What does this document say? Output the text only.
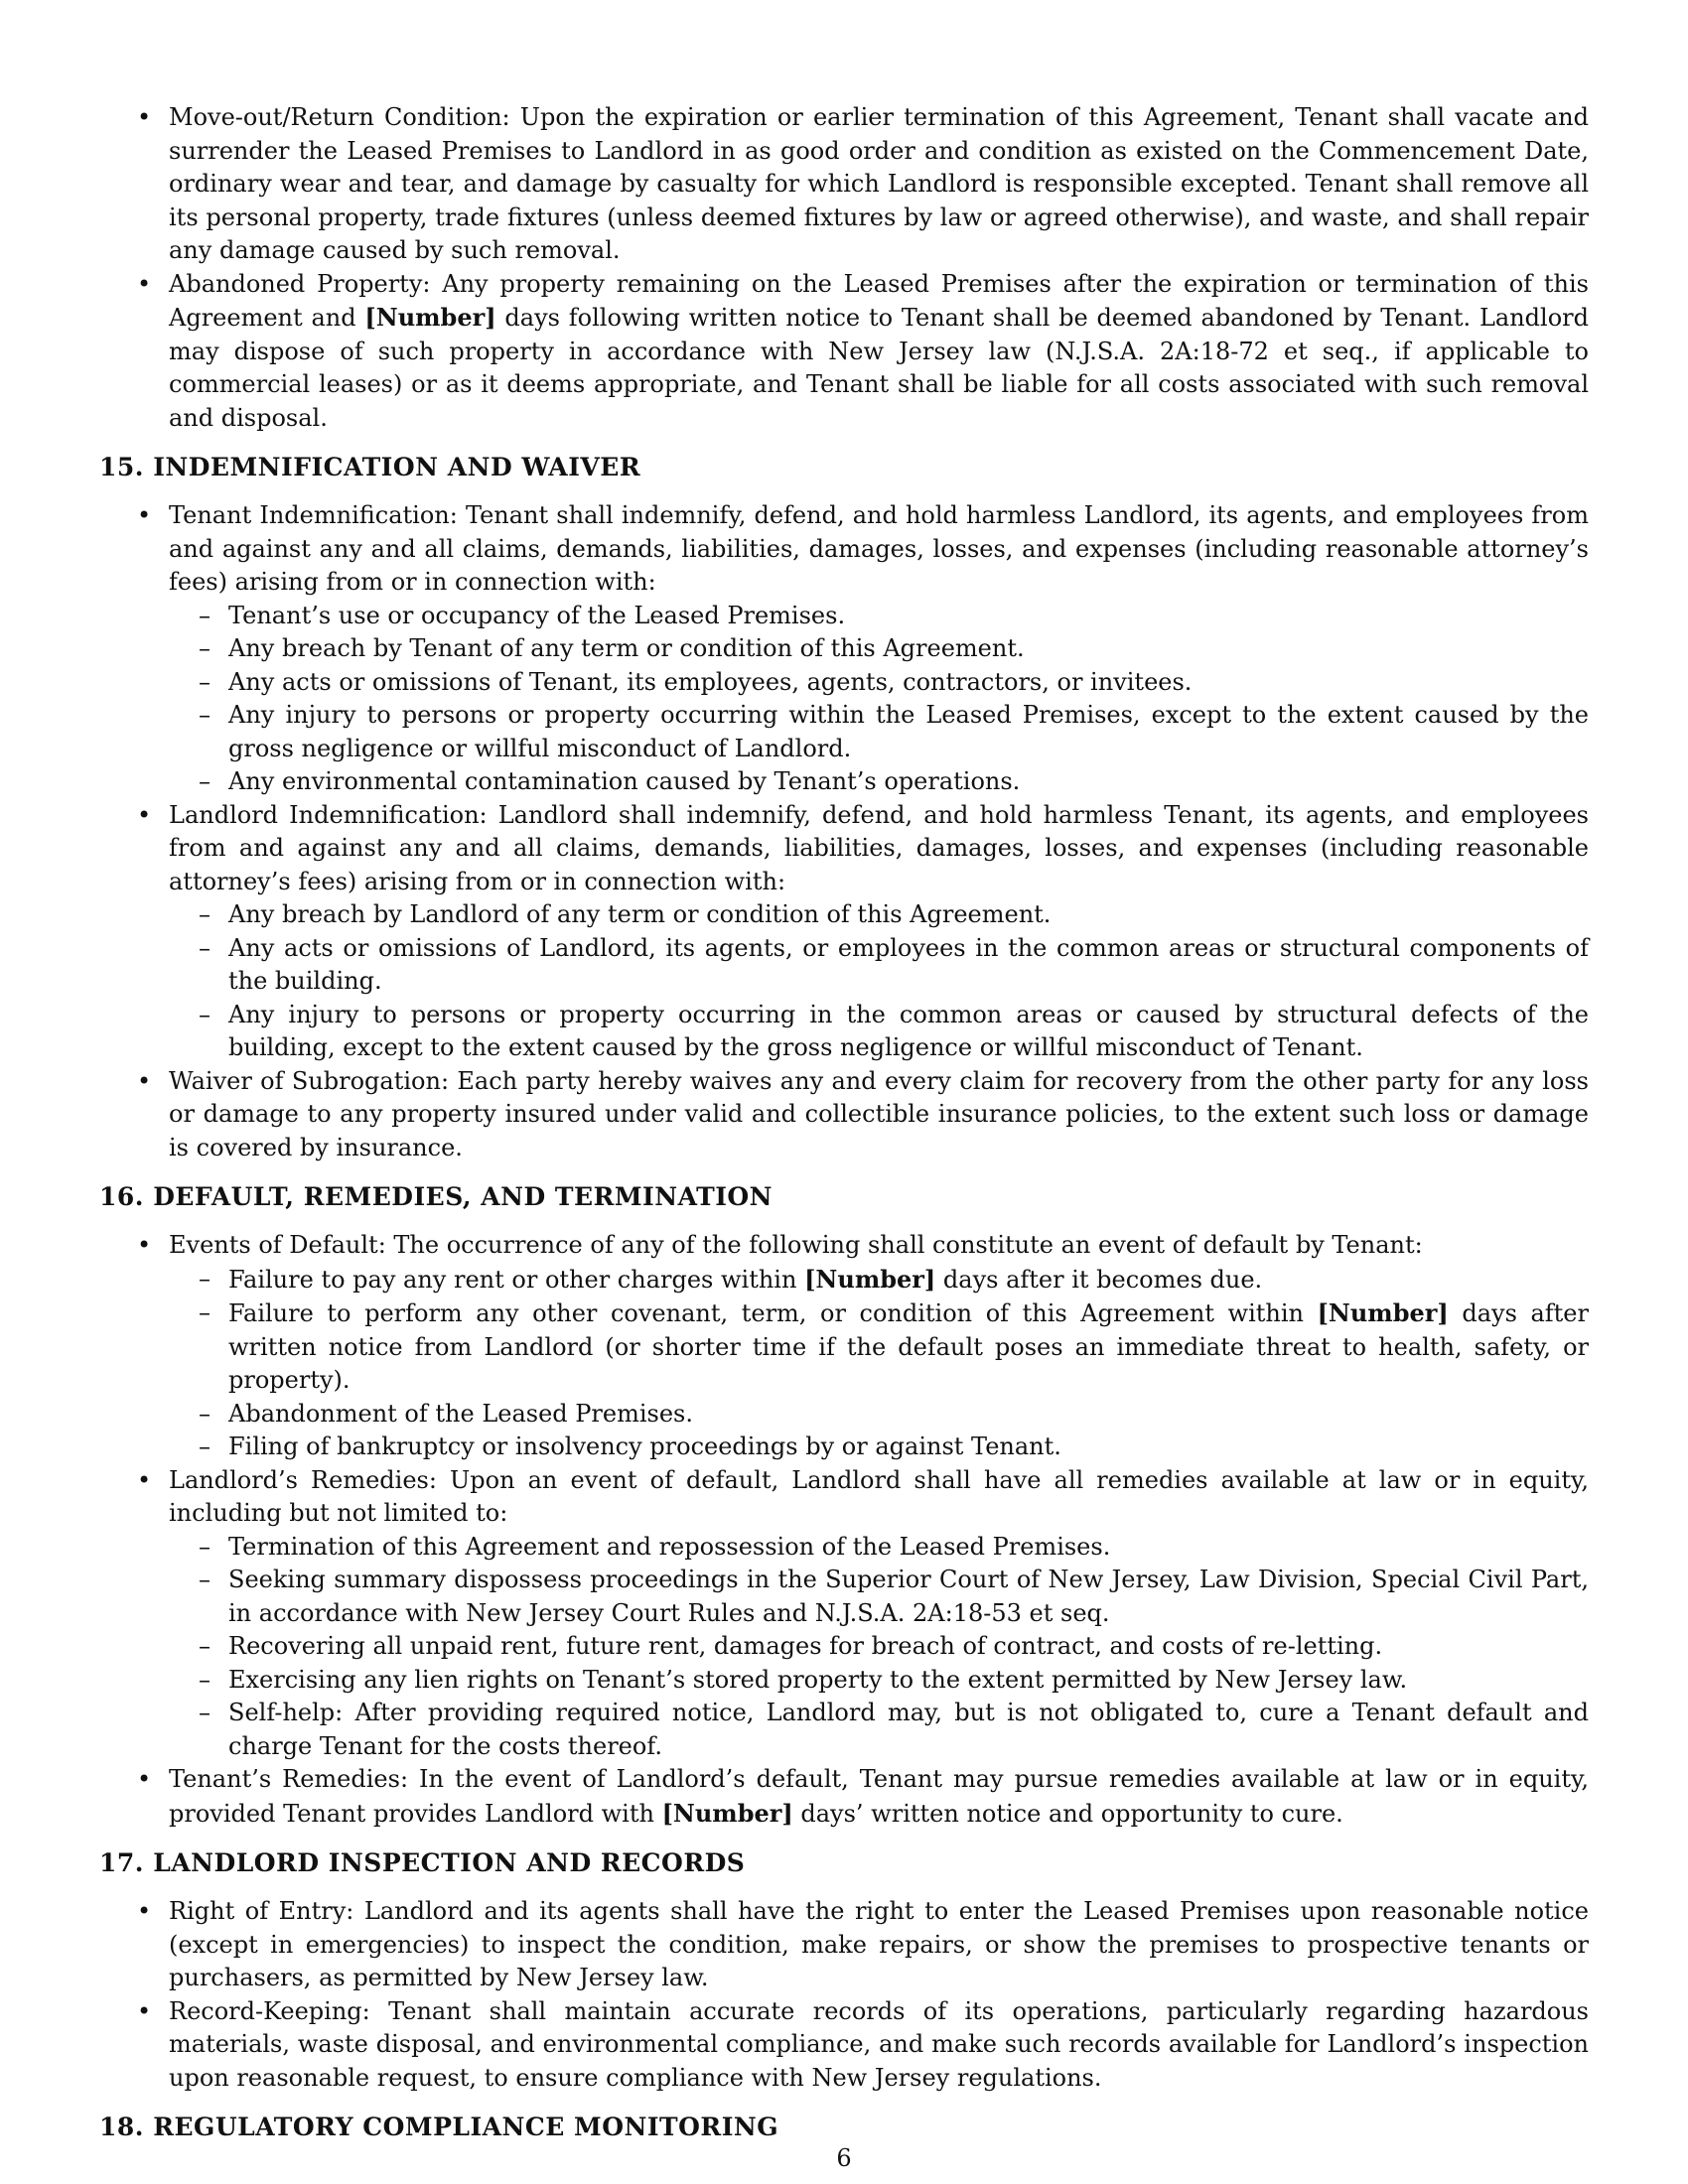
• Move-out/Return Condition: Upon the expiration or earlier termination of this Agreement, Tenant shall vacate and surrender the Leased Premises to Landlord in as good order and condition as existed on the Commencement Date, ordinary wear and tear, and damage by casualty for which Landlord is responsible excepted. Tenant shall remove all its personal property, trade fixtures (unless deemed fixtures by law or agreed otherwise), and waste, and shall repair any damage caused by such removal.
• Abandoned Property: Any property remaining on the Leased Premises after the expiration or termination of this Agreement and [Number] days following written notice to Tenant shall be deemed abandoned by Tenant. Landlord may dispose of such property in accordance with New Jersey law (N.J.S.A. 2A:18-72 et seq., if applicable to commercial leases) or as it deems appropriate, and Tenant shall be liable for all costs associated with such removal and disposal.
15. INDEMNIFICATION AND WAIVER
• Tenant Indemnification: Tenant shall indemnify, defend, and hold harmless Landlord, its agents, and employees from and against any and all claims, demands, liabilities, damages, losses, and expenses (including reasonable attorney’s fees) arising from or in connection with:
– Tenant’s use or occupancy of the Leased Premises.
– Any breach by Tenant of any term or condition of this Agreement.
– Any acts or omissions of Tenant, its employees, agents, contractors, or invitees.
– Any injury to persons or property occurring within the Leased Premises, except to the extent caused by the gross negligence or willful misconduct of Landlord.
– Any environmental contamination caused by Tenant’s operations.
• Landlord Indemnification: Landlord shall indemnify, defend, and hold harmless Tenant, its agents, and employees from and against any and all claims, demands, liabilities, damages, losses, and expenses (including reasonable attorney’s fees) arising from or in connection with:
– Any breach by Landlord of any term or condition of this Agreement.
– Any acts or omissions of Landlord, its agents, or employees in the common areas or structural components of the building.
– Any injury to persons or property occurring in the common areas or caused by structural defects of the building, except to the extent caused by the gross negligence or willful misconduct of Tenant.
• Waiver of Subrogation: Each party hereby waives any and every claim for recovery from the other party for any loss or damage to any property insured under valid and collectible insurance policies, to the extent such loss or damage is covered by insurance.
16. DEFAULT, REMEDIES, AND TERMINATION
• Events of Default: The occurrence of any of the following shall constitute an event of default by Tenant:
– Failure to pay any rent or other charges within [Number] days after it becomes due.
– Failure to perform any other covenant, term, or condition of this Agreement within [Number] days after written notice from Landlord (or shorter time if the default poses an immediate threat to health, safety, or property).
– Abandonment of the Leased Premises.
– Filing of bankruptcy or insolvency proceedings by or against Tenant.
• Landlord’s Remedies: Upon an event of default, Landlord shall have all remedies available at law or in equity, including but not limited to:
– Termination of this Agreement and repossession of the Leased Premises.
– Seeking summary dispossess proceedings in the Superior Court of New Jersey, Law Division, Special Civil Part, in accordance with New Jersey Court Rules and N.J.S.A. 2A:18-53 et seq.
– Recovering all unpaid rent, future rent, damages for breach of contract, and costs of re-letting.
– Exercising any lien rights on Tenant’s stored property to the extent permitted by New Jersey law.
– Self-help: After providing required notice, Landlord may, but is not obligated to, cure a Tenant default and charge Tenant for the costs thereof.
• Tenant’s Remedies: In the event of Landlord’s default, Tenant may pursue remedies available at law or in equity, provided Tenant provides Landlord with [Number] days’ written notice and opportunity to cure.
17. LANDLORD INSPECTION AND RECORDS
• Right of Entry: Landlord and its agents shall have the right to enter the Leased Premises upon reasonable notice (except in emergencies) to inspect the condition, make repairs, or show the premises to prospective tenants or purchasers, as permitted by New Jersey law.
• Record-Keeping: Tenant shall maintain accurate records of its operations, particularly regarding hazardous materials, waste disposal, and environmental compliance, and make such records available for Landlord’s inspection upon reasonable request, to ensure compliance with New Jersey regulations.
18. REGULATORY COMPLIANCE MONITORING
6
